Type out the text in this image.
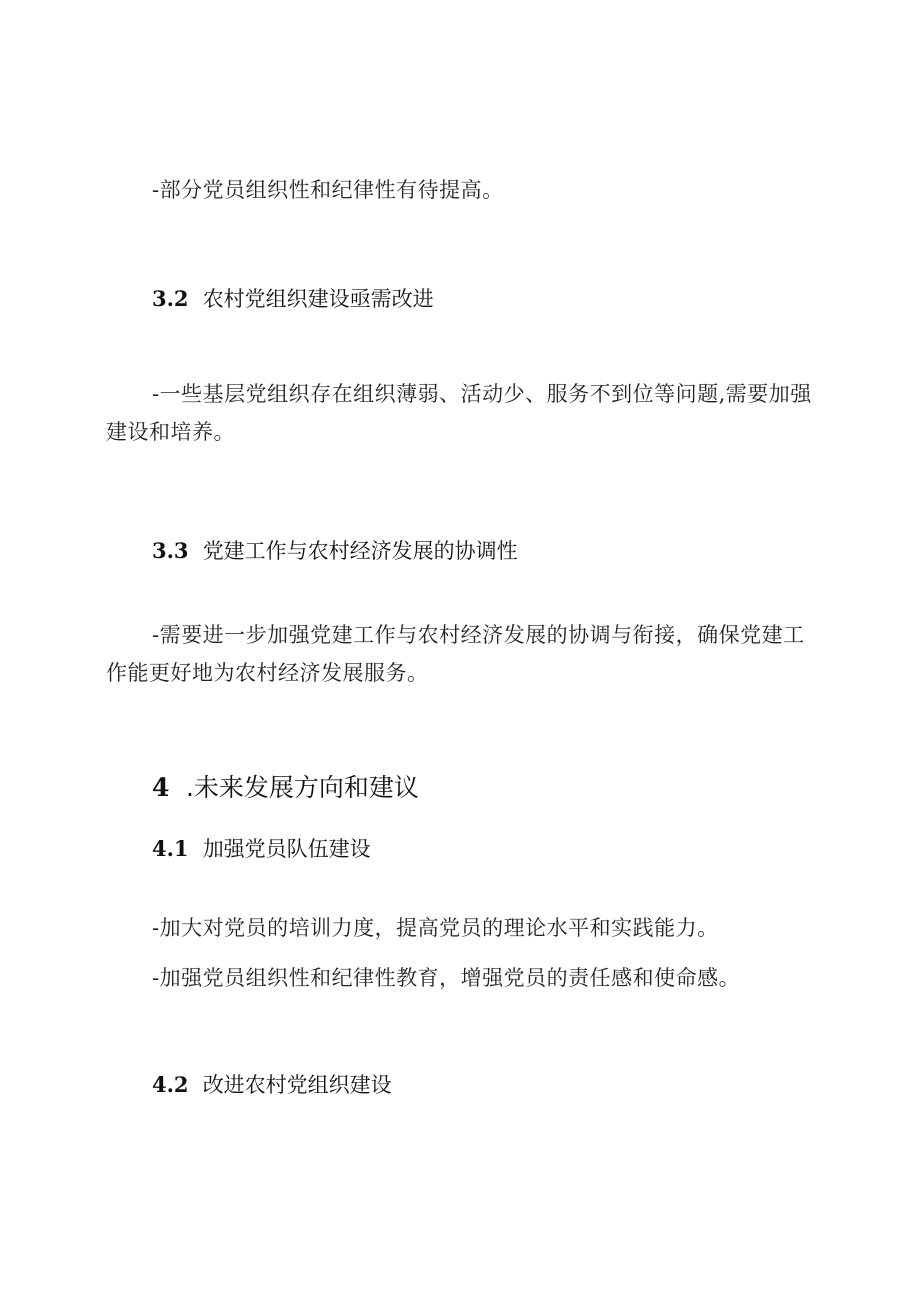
-部分党员组织性和纪律性有待提高。

3.2 农村党组织建设亟需改进

-一些基层党组织存在组织薄弱、活动少、服务不到位等问题,需要加强建设和培养。

3.3 党建工作与农村经济发展的协调性

-需要进一步加强党建工作与农村经济发展的协调与衔接，确保党建工作能更好地为农村经济发展服务。

4 .未来发展方向和建议
4.1 加强党员队伍建设

-加大对党员的培训力度，提高党员的理论水平和实践能力。

-加强党员组织性和纪律性教育，增强党员的责任感和使命感。

4.2 改进农村党组织建设
